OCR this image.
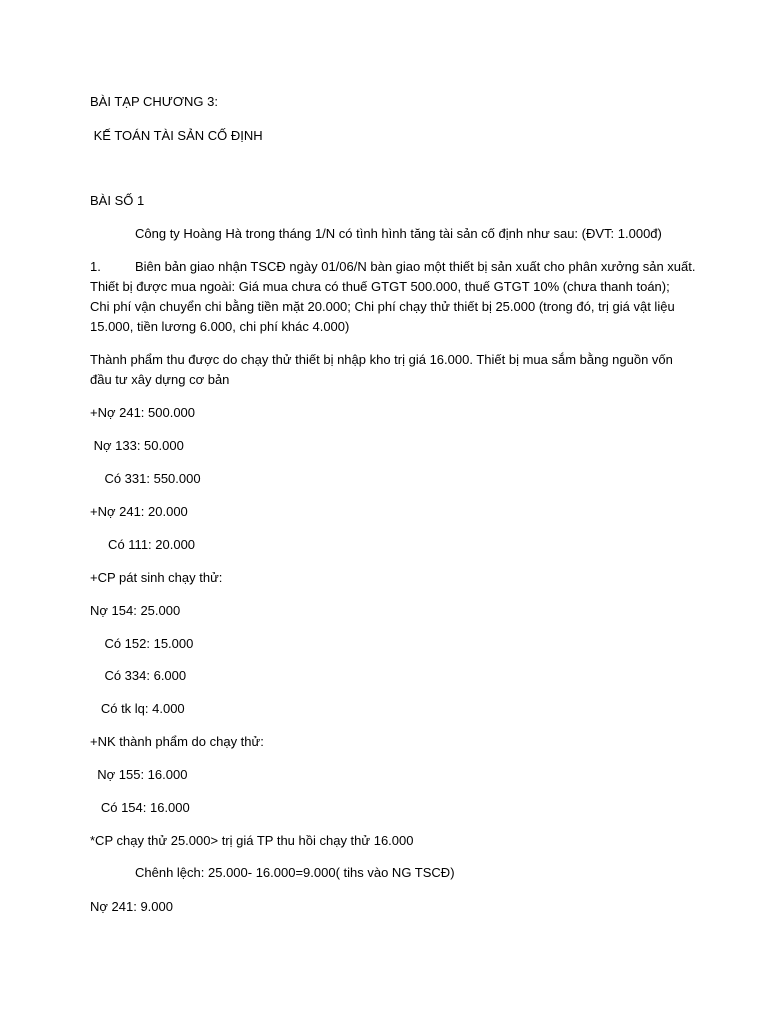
BÀI TẠP CHƯƠNG 3:

KẾ TOÁN TÀI SẢN CỐ ĐỊNH

BÀI SỐ 1

Công ty Hoàng Hà trong tháng 1/N có tình hình tăng tài sản cố định như sau: (ĐVT: 1.000đ)

1.	Biên bản giao nhận TSCĐ ngày 01/06/N bàn giao một thiết bị sản xuất cho phân xưởng sản xuất.

Thiết bị được mua ngoài: Giá mua chưa có thuế GTGT 500.000, thuế GTGT 10% (chưa thanh toán); Chi phí vận chuyển chi bằng tiền mặt 20.000; Chi phí chạy thử thiết bị 25.000 (trong đó, trị giá vật liệu 15.000, tiền lương 6.000, chi phí khác 4.000)

Thành phẩm thu được do chạy thử thiết bị nhập kho trị giá 16.000. Thiết bị mua sắm bằng nguồn vốn đầu tư xây dựng cơ bản

+Nợ 241: 500.000

Nợ 133: 50.000

Có 331: 550.000

+Nợ 241: 20.000

Có 111: 20.000

+CP pát sinh chạy thử:

Nợ 154: 25.000

Có 152: 15.000

Có 334: 6.000

Có tk lq: 4.000

+NK thành phẩm do chạy thử:

Nợ 155: 16.000

Có 154: 16.000

*CP chạy thử 25.000> trị giá TP thu hồi chạy thử 16.000

Chênh lệch: 25.000- 16.000=9.000( tihs vào NG TSCĐ)

Nợ 241: 9.000
